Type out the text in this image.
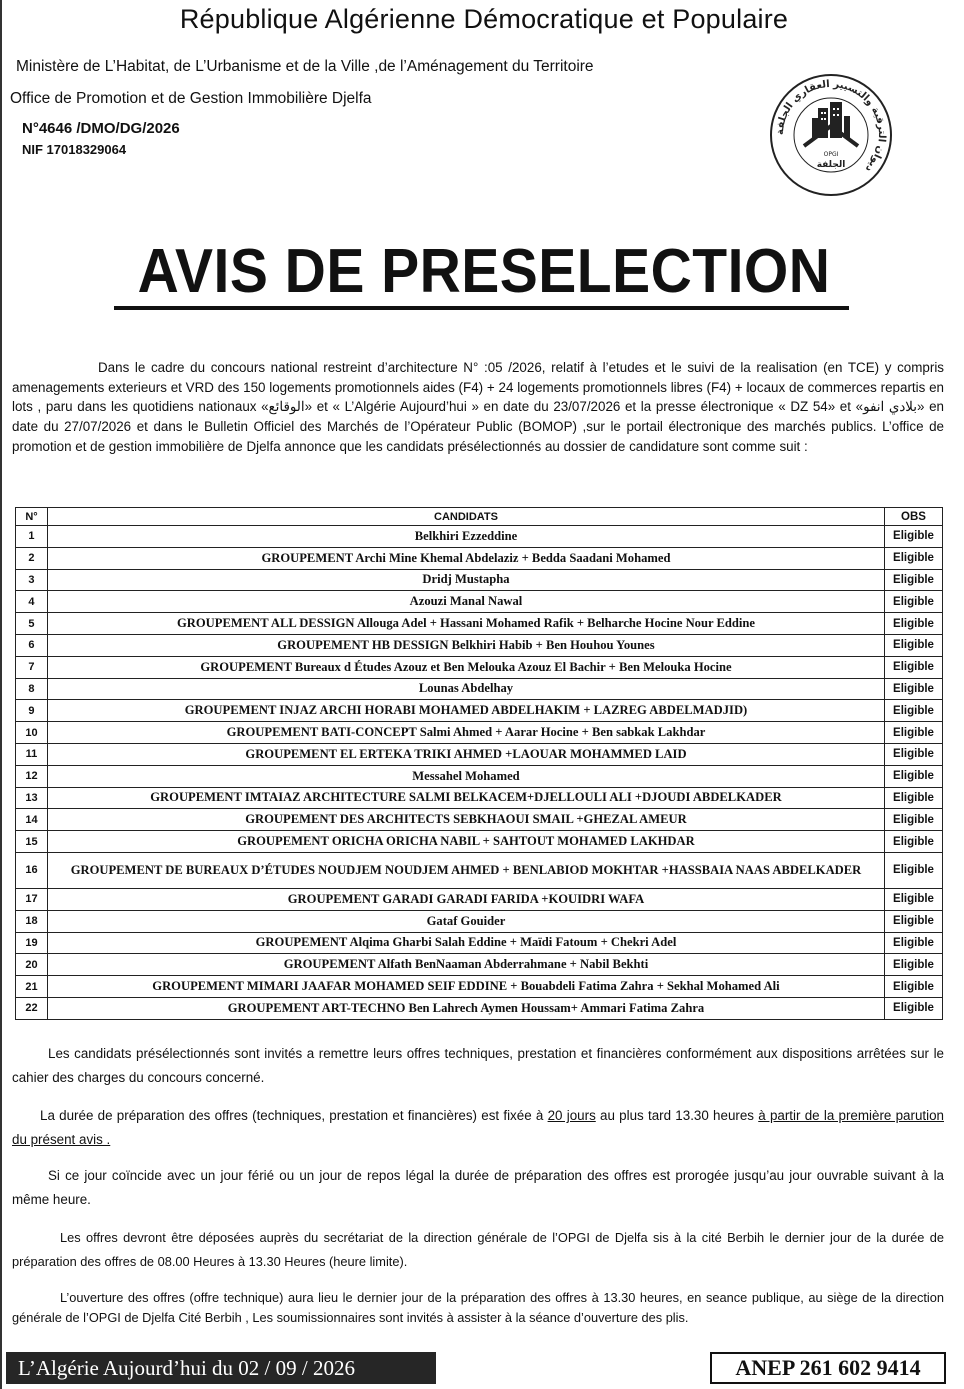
République Algérienne Démocratique et Populaire
Ministère de L’Habitat, de L’Urbanisme et de la Ville ,de l’Aménagement du Territoire
Office de Promotion et de Gestion Immobilière Djelfa
N°4646 /DMO/DG/2026
NIF 17018329064
ديوان الترقية والتسيير العقاري الجلفة
OPGI
الجلفة
AVIS DE PRESELECTION

Dans le cadre du concours national restreint d’architecture N° :05 /2026, relatif à l’etudes et le suivi de la realisation (en TCE) y compris amenagements exterieurs et VRD des 150 logements promotionnels aides (F4) + 24 logements promotionnels libres (F4) + locaux de commerces repartis en lots , paru dans les quotidiens nationaux «الوقائع» et « L’Algérie Aujourd’hui » en date du 23/07/2026 et la presse électronique « DZ 54» et «بلادي انفو» en date du 27/07/2026 et dans le Bulletin Officiel des Marchés de l’Opérateur Public (BOMOP) ,sur le portail électronique des marchés publics. L’office de promotion et de gestion immobilière de Djelfa annonce que les candidats présélectionnés au dossier de candidature sont comme suit :

N°	CANDIDATS	OBS
1	Belkhiri Ezzeddine	Eligible
2	GROUPEMENT Archi Mine Khemal Abdelaziz + Bedda Saadani Mohamed	Eligible
3	Dridj Mustapha	Eligible
4	Azouzi Manal Nawal	Eligible
5	GROUPEMENT ALL DESSIGN Allouga Adel + Hassani Mohamed Rafik + Belharche Hocine Nour Eddine	Eligible
6	GROUPEMENT HB DESSIGN Belkhiri Habib + Ben Houhou Younes	Eligible
7	GROUPEMENT Bureaux d Études Azouz et Ben Melouka Azouz El Bachir + Ben Melouka Hocine	Eligible
8	Lounas Abdelhay	Eligible
9	GROUPEMENT INJAZ ARCHI HORABI MOHAMED ABDELHAKIM + LAZREG ABDELMADJID)	Eligible
10	GROUPEMENT BATI-CONCEPT Salmi Ahmed + Aarar Hocine + Ben sabkak Lakhdar	Eligible
11	GROUPEMENT EL ERTEKA TRIKI AHMED +LAOUAR MOHAMMED LAID	Eligible
12	Messahel Mohamed	Eligible
13	GROUPEMENT IMTAIAZ ARCHITECTURE SALMI BELKACEM+DJELLOULI ALI +DJOUDI ABDELKADER	Eligible
14	GROUPEMENT DES ARCHITECTS SEBKHAOUI SMAIL +GHEZAL AMEUR	Eligible
15	GROUPEMENT ORICHA ORICHA NABIL + SAHTOUT MOHAMED LAKHDAR	Eligible
16	GROUPEMENT DE BUREAUX D’ÉTUDES NOUDJEM NOUDJEM AHMED + BENLABIOD MOKHTAR +HASSBAIA NAAS ABDELKADER	Eligible
17	GROUPEMENT GARADI GARADI FARIDA +KOUIDRI WAFA	Eligible
18	Gataf Gouider	Eligible
19	GROUPEMENT Alqima Gharbi Salah Eddine + Maïdi Fatoum + Chekri Adel	Eligible
20	GROUPEMENT Alfath BenNaaman Abderrahmane + Nabil Bekhti	Eligible
21	GROUPEMENT MIMARI JAAFAR MOHAMED SEIF EDDINE + Bouabdeli Fatima Zahra + Sekhal Mohamed Ali	Eligible
22	GROUPEMENT ART-TECHNO Ben Lahrech Aymen Houssam+ Ammari Fatima Zahra	Eligible

Les candidats présélectionnés sont invités a remettre leurs offres techniques, prestation et financières conformément aux dispositions arrêtées sur le cahier des charges du concours concerné.

La durée de préparation des offres (techniques, prestation et financières) est fixée à 20 jours au plus tard 13.30 heures à partir de la première parution du présent avis .

Si ce jour coïncide avec un jour férié ou un jour de repos légal la durée de préparation des offres est prorogée jusqu’au jour ouvrable suivant à la même heure.

Les offres devront être déposées auprès du secrétariat de la direction générale de l’OPGI de Djelfa sis à la cité Berbih le dernier jour de la durée de préparation des offres de 08.00 Heures à 13.30 Heures (heure limite).

L’ouverture des offres (offre technique) aura lieu le dernier jour de la préparation des offres à 13.30 heures, en seance publique, au siège de la direction générale de l’OPGI de Djelfa Cité Berbih , Les soumissionnaires sont invités à assister à la séance d’ouverture des plis.

L’Algérie Aujourd’hui du 02 / 09 / 2026	ANEP 261 602 9414
